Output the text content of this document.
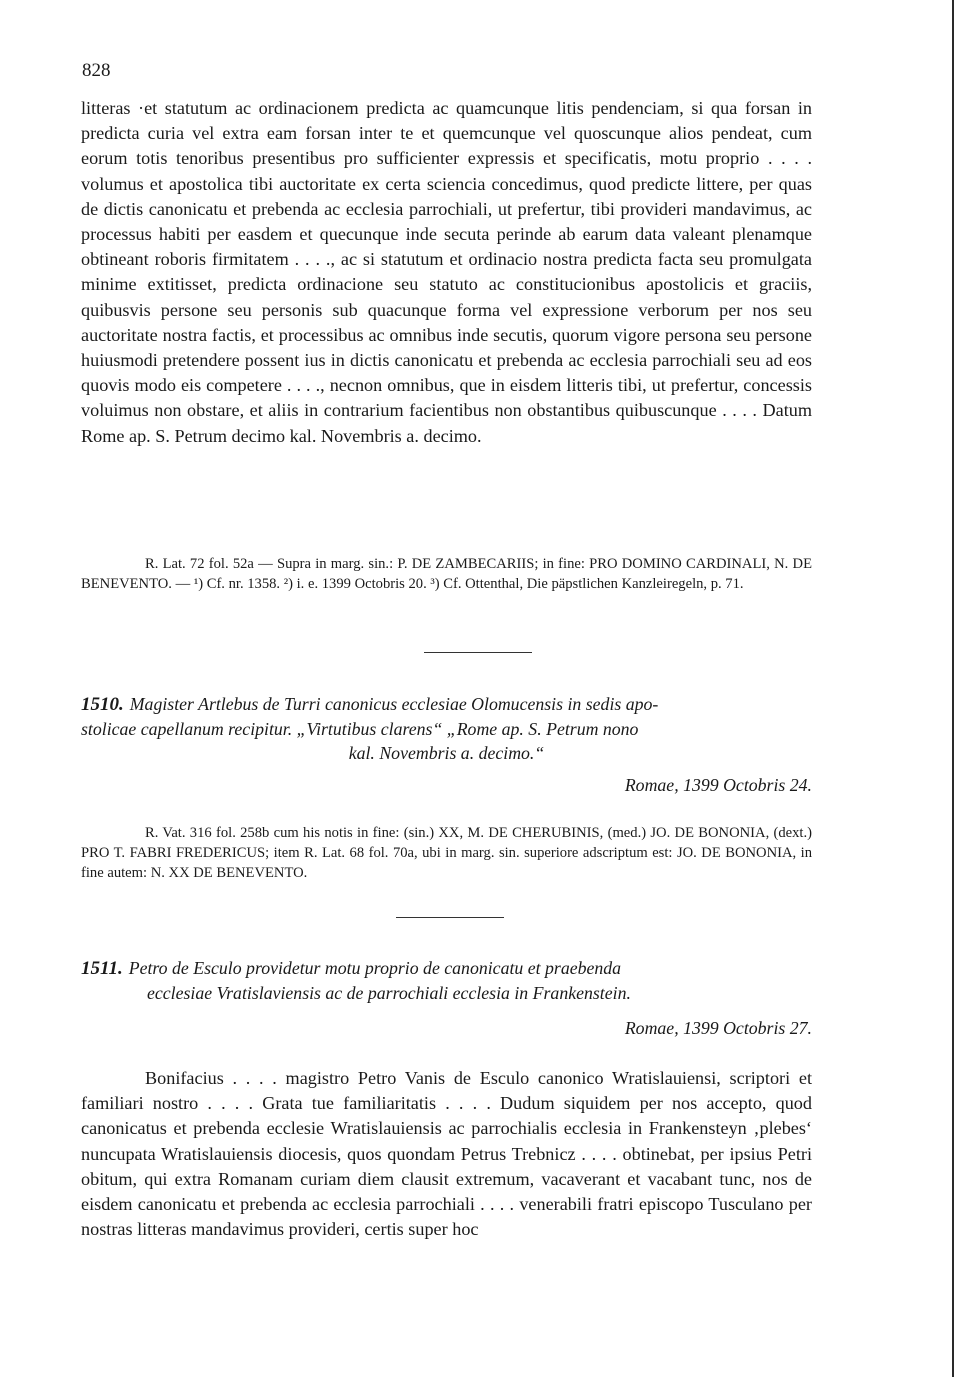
828

litteras ·et statutum ac ordinacionem predicta ac quamcunque litis pendenciam, si qua forsan in predicta curia vel extra eam forsan inter te et quemcunque vel quoscunque alios pendeat, cum eorum totis tenoribus presentibus pro sufficienter expressis et specificatis, motu proprio . . . . volumus et apostolica tibi auctoritate ex certa sciencia concedimus, quod predicte littere, per quas de dictis canonicatu et prebenda ac ecclesia parrochiali, ut prefertur, tibi provideri mandavimus, ac processus habiti per easdem et quecunque inde secuta perinde ab earum data valeant plenamque obtineant roboris firmitatem . . . ., ac si statutum et ordinacio nostra predicta facta seu promulgata minime extitisset, predicta ordinacione seu statuto ac constitucionibus apostolicis et graciis, quibusvis persone seu personis sub quacunque forma vel expressione verborum per nos seu auctoritate nostra factis, et processibus ac omnibus inde secutis, quorum vigore persona seu persone huiusmodi pretendere possent ius in dictis canonicatu et prebenda ac ecclesia parrochiali seu ad eos quovis modo eis competere . . . ., necnon omnibus, que in eisdem litteris tibi, ut prefertur, concessis voluimus non obstare, et aliis in contrarium facientibus non obstantibus quibuscunque . . . . Datum Rome ap. S. Petrum decimo kal. Novembris a. decimo.

R. Lat. 72 fol. 52a — Supra in marg. sin.: P. DE ZAMBECARIIS; in fine: PRO DOMINO CARDINALI, N. DE BENEVENTO. — ¹) Cf. nr. 1358. ²) i. e. 1399 Octobris 20. ³) Cf. Ottenthal, Die päpstlichen Kanzleiregeln, p. 71.

1510. Magister Artlebus de Turri canonicus ecclesiae Olomucensis in sedis apo-
stolicae capellanum recipitur. „Virtutibus clarens“ „Rome ap. S. Petrum nono
kal. Novembris a. decimo.“
Romae, 1399 Octobris 24.

R. Vat. 316 fol. 258b cum his notis in fine: (sin.) XX, M. DE CHERUBINIS, (med.) JO. DE BONONIA, (dext.) PRO T. FABRI FREDERICUS; item R. Lat. 68 fol. 70a, ubi in marg. sin. superiore adscriptum est: JO. DE BONONIA, in fine autem: N. XX DE BENEVENTO.

1511. Petro de Esculo providetur motu proprio de canonicatu et praebenda
ecclesiae Vratislaviensis ac de parrochiali ecclesia in Frankenstein.
Romae, 1399 Octobris 27.

Bonifacius . . . . magistro Petro Vanis de Esculo canonico Wratislauiensi, scriptori et familiari nostro . . . . Grata tue familiaritatis . . . . Dudum siquidem per nos accepto, quod canonicatus et prebenda ecclesie Wratislauiensis ac parrochialis ecclesia in Frankensteyn ‚plebes‘ nuncupata Wratislauiensis diocesis, quos quondam Petrus Trebnicz . . . . obtinebat, per ipsius Petri obitum, qui extra Romanam curiam diem clausit extremum, vacaverant et vacabant tunc, nos de eisdem canonicatu et prebenda ac ecclesia parrochiali . . . . venerabili fratri episcopo Tusculano per nostras litteras mandavimus provideri, certis super hoc
